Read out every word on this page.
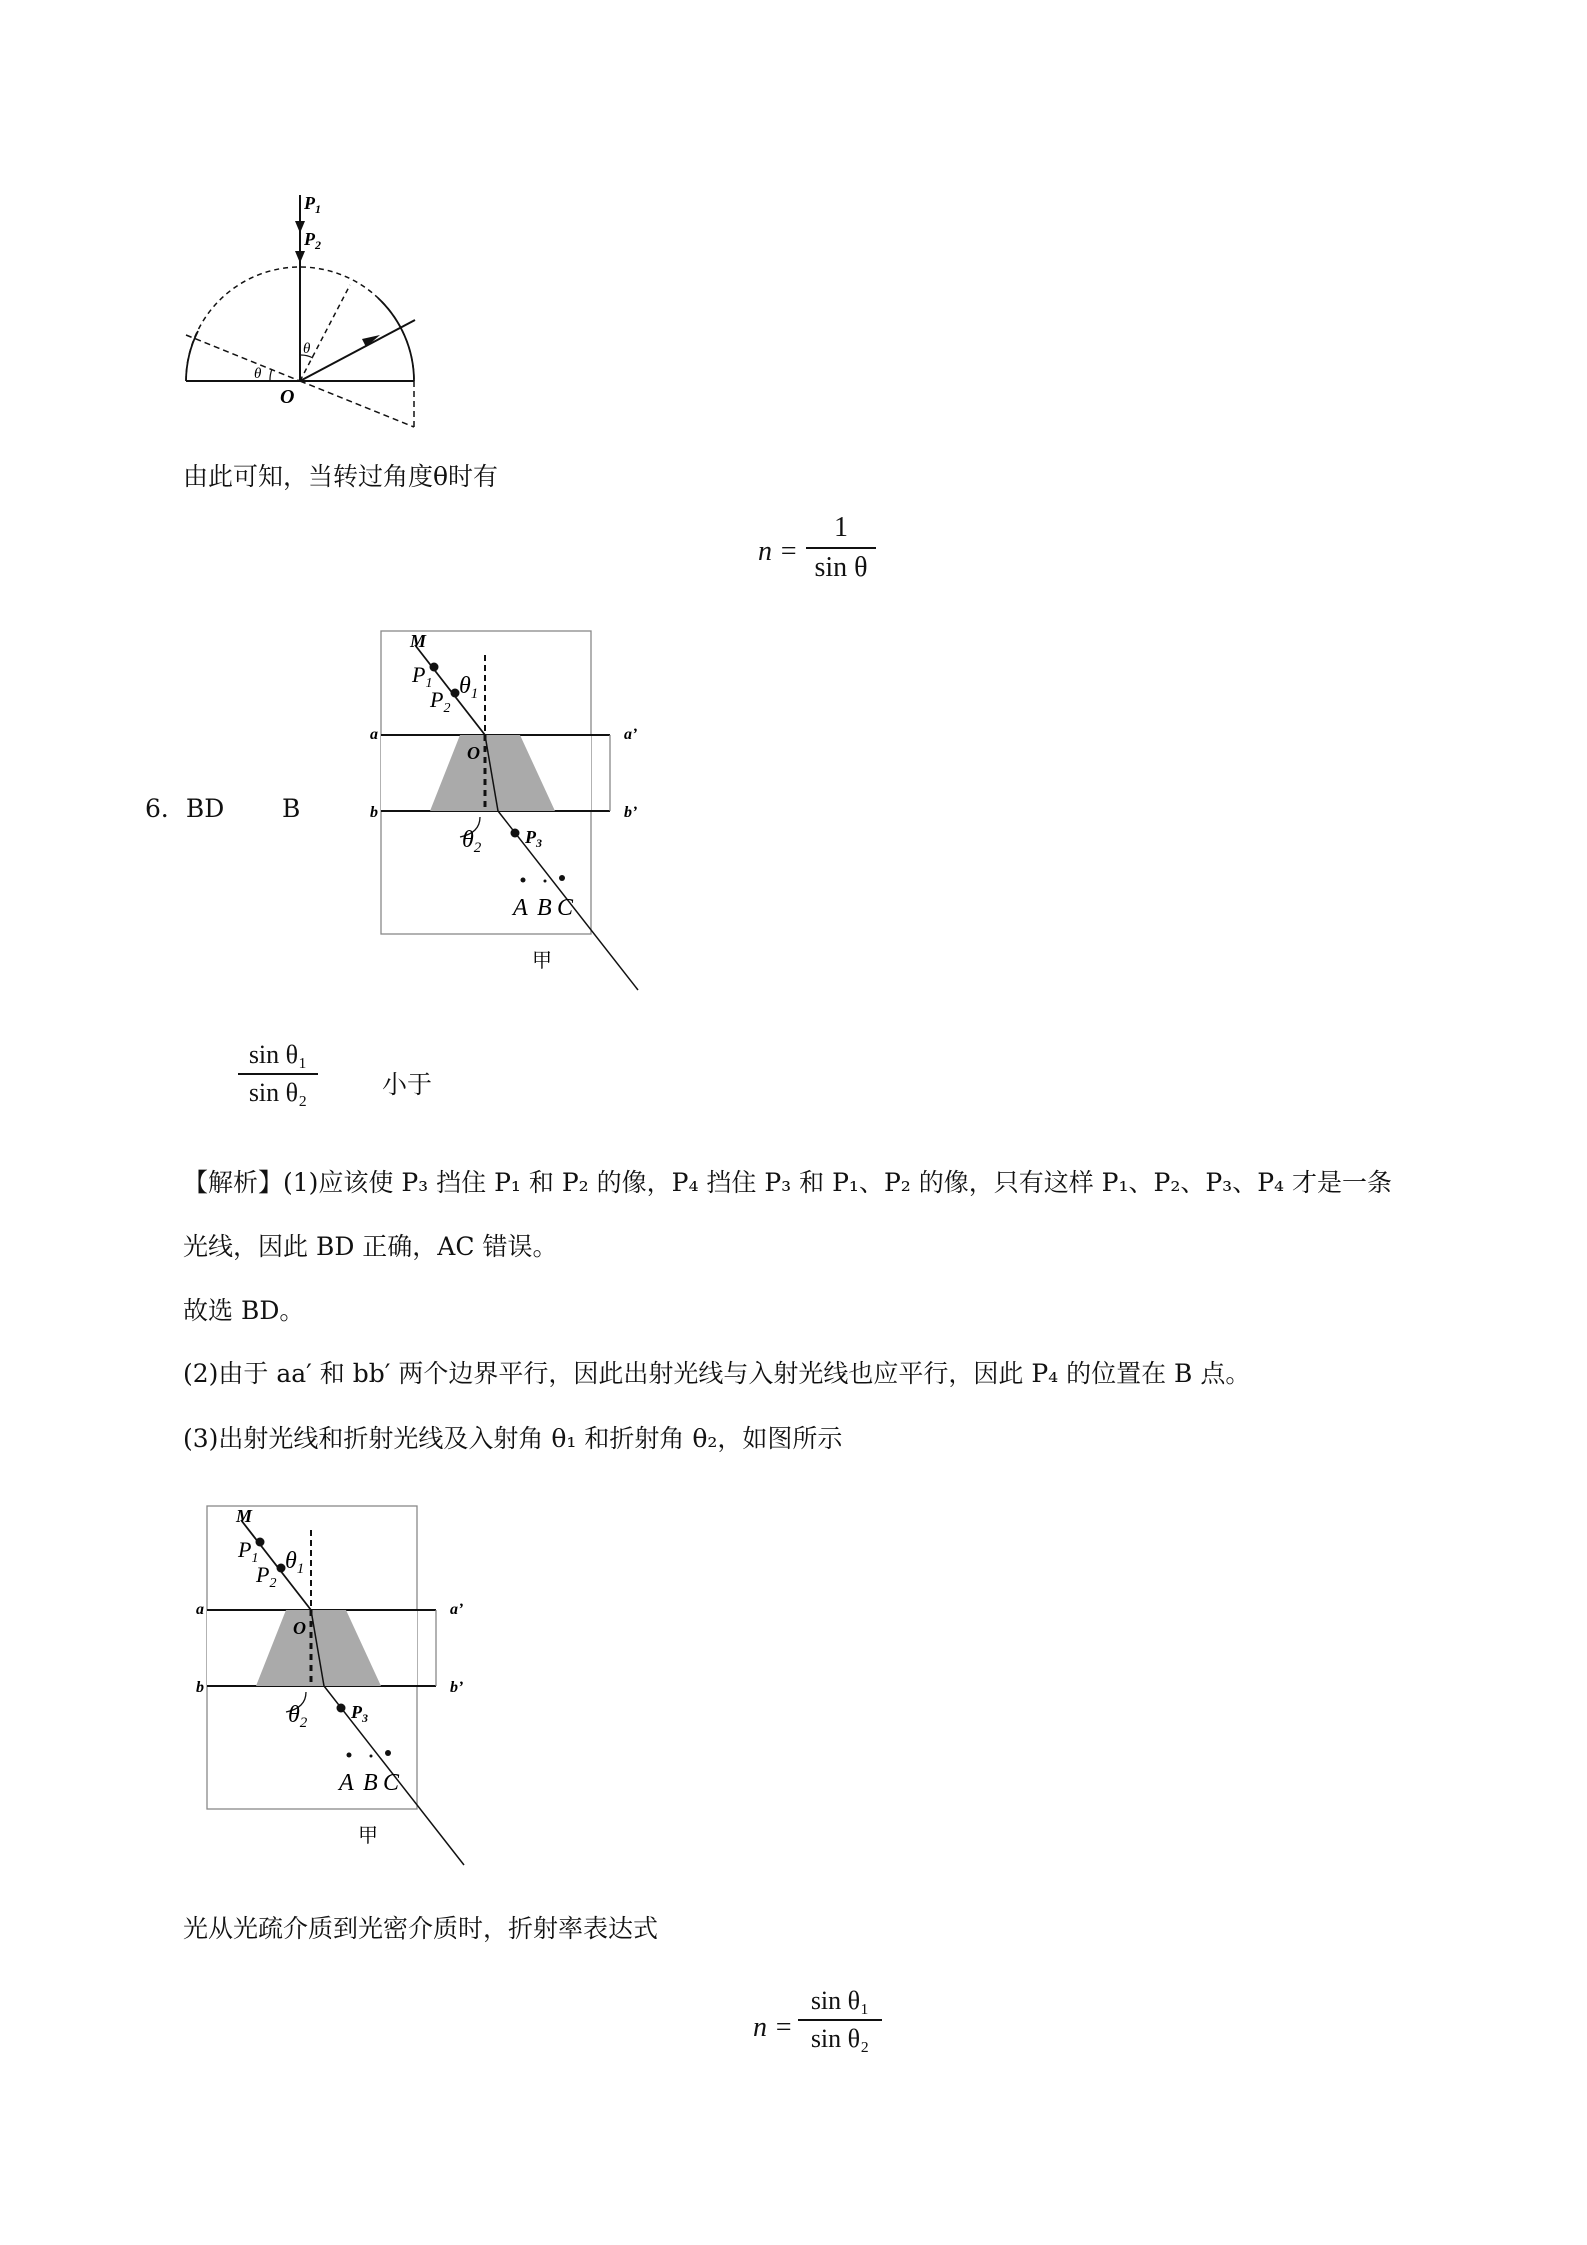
$P_1$
$P_2$
θ
θ
O
由此可知，当转过角度θ时有
n =
1
sin θ
6．BD B
M
$P_1$
$P_2$
$\theta_1$
O
a	a’
b	b’
$\theta_2$
$P_3$
A B C
甲
sin θ₁
sin θ₂	小于
【解析】(1)应该使 P₃ 挡住 P₁ 和 P₂ 的像，P₄ 挡住 P₃ 和 P₁、P₂ 的像，只有这样 P₁、P₂、P₃、P₄ 才是一条
光线，因此 BD 正确，AC 错误。
故选 BD。
(2)由于 aa′ 和 bb′ 两个边界平行，因此出射光线与入射光线也应平行，因此 P₄ 的位置在 B 点。
(3)出射光线和折射光线及入射角 θ₁ 和折射角 θ₂，如图所示
M
$P_1$
$P_2$
$\theta_1$
O
a	a’
b	b’
$\theta_2$
$P_3$
A B C
甲
光从光疏介质到光密介质时，折射率表达式
n =
sin θ₁
sin θ₂
